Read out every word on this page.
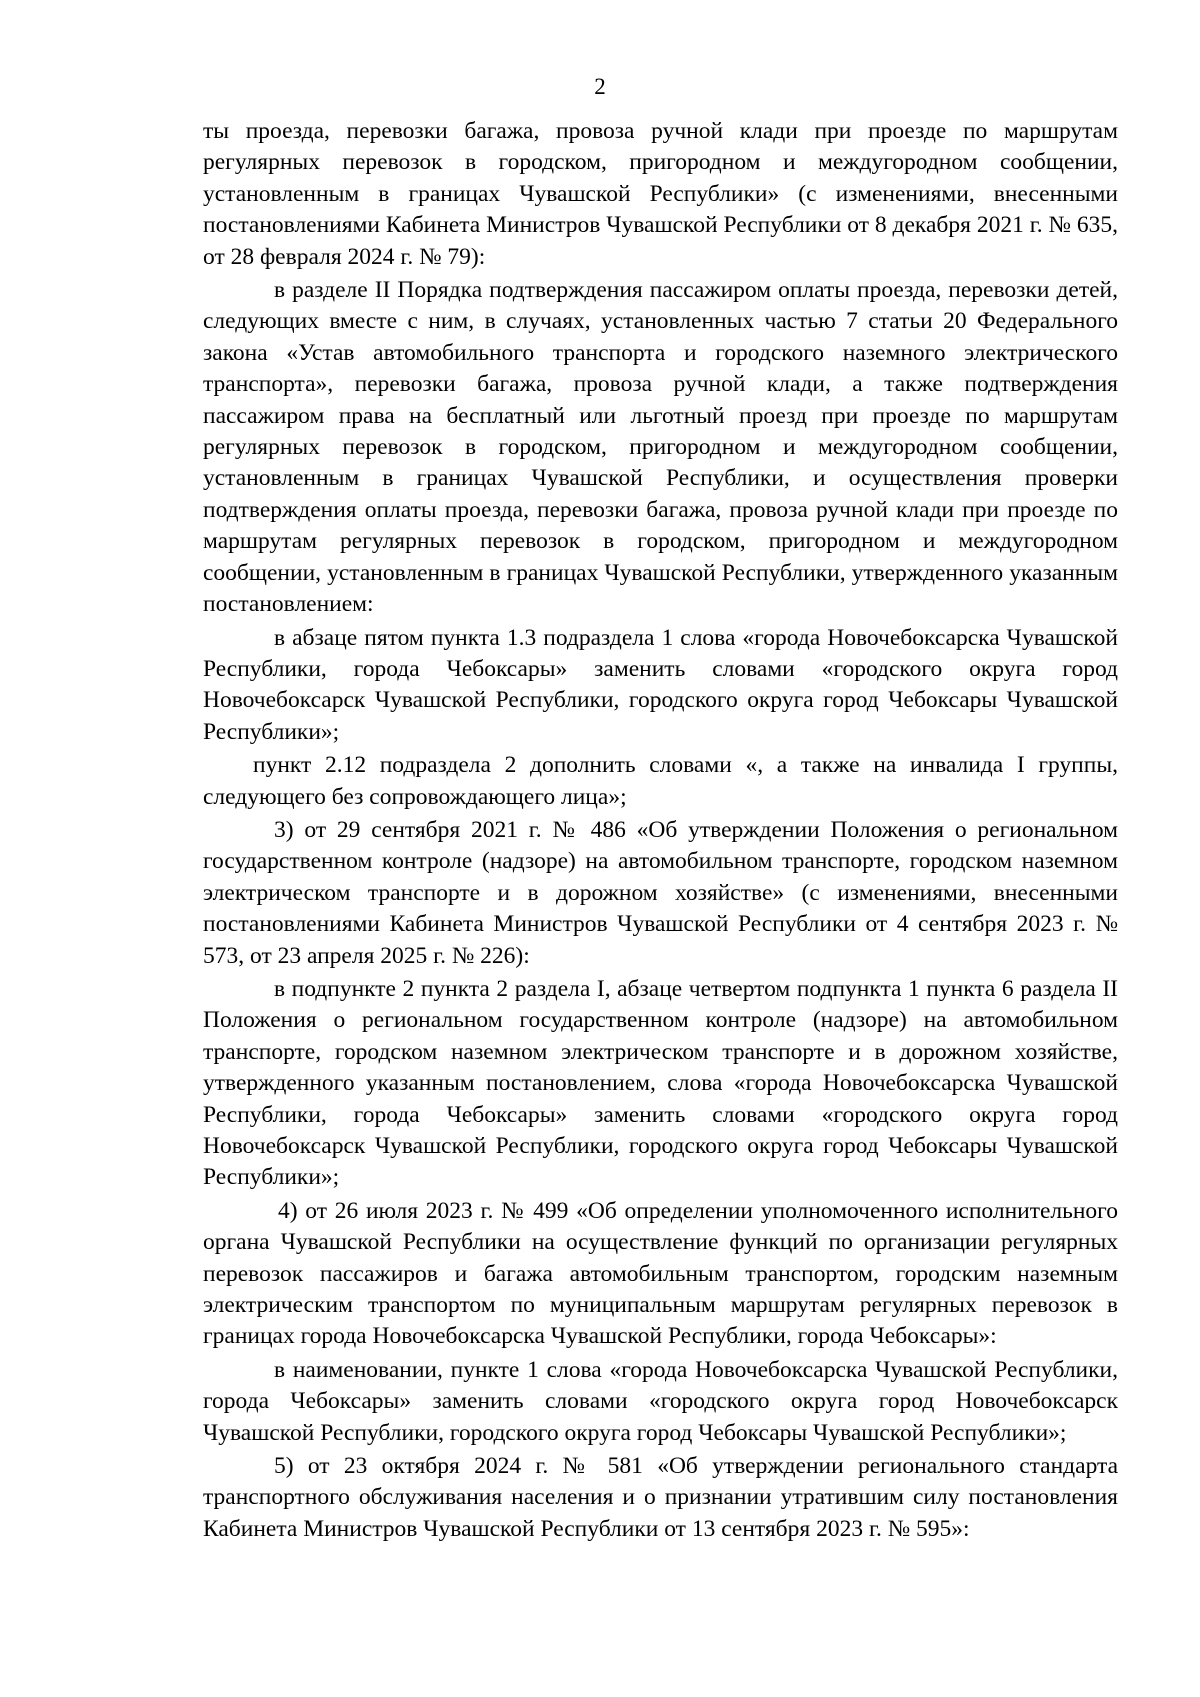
2

ты проезда, перевозки багажа, провоза ручной клади при проезде по маршрутам регулярных перевозок в городском, пригородном и междугородном сообщении, установленным в границах Чувашской Республики» (с изменениями, внесенными постановлениями Кабинета Министров Чувашской Республики от 8 декабря 2021 г. № 635, от 28 февраля 2024 г. № 79):

в разделе II Порядка подтверждения пассажиром оплаты проезда, перевозки детей, следующих вместе с ним, в случаях, установленных частью 7 статьи 20 Федерального закона «Устав автомобильного транспорта и городского наземного электрического транспорта», перевозки багажа, провоза ручной клади, а также подтверждения пассажиром права на бесплатный или льготный проезд при проезде по маршрутам регулярных перевозок в городском, пригородном и междугородном сообщении, установленным в границах Чувашской Республики, и осуществления проверки подтверждения оплаты проезда, перевозки багажа, провоза ручной клади при проезде по маршрутам регулярных перевозок в городском, пригородном и междугородном сообщении, установленным в границах Чувашской Республики, утвержденного указанным постановлением:

в абзаце пятом пункта 1.3 подраздела 1 слова «города Новочебоксарска Чувашской Республики, города Чебоксары» заменить словами «городского округа город Новочебоксарск Чувашской Республики, городского округа город Чебоксары Чувашской Республики»;

пункт 2.12 подраздела 2 дополнить словами «, а также на инвалида I группы, следующего без сопровождающего лица»;

3) от 29 сентября 2021 г. № 486 «Об утверждении Положения о региональном государственном контроле (надзоре) на автомобильном транспорте, городском наземном электрическом транспорте и в дорожном хозяйстве» (с изменениями, внесенными постановлениями Кабинета Министров Чувашской Республики от 4 сентября 2023 г. № 573, от 23 апреля 2025 г. № 226):

в подпункте 2 пункта 2 раздела I, абзаце четвертом подпункта 1 пункта 6 раздела II Положения о региональном государственном контроле (надзоре) на автомобильном транспорте, городском наземном электрическом транспорте и в дорожном хозяйстве, утвержденного указанным постановлением, слова «города Новочебоксарска Чувашской Республики, города Чебоксары» заменить словами «городского округа город Новочебоксарск Чувашской Республики, городского округа город Чебоксары Чувашской Республики»;

4) от 26 июля 2023 г. № 499 «Об определении уполномоченного исполнительного органа Чувашской Республики на осуществление функций по организации регулярных перевозок пассажиров и багажа автомобильным транспортом, городским наземным электрическим транспортом по муниципальным маршрутам регулярных перевозок в границах города Новочебоксарска Чувашской Республики, города Чебоксары»:

в наименовании, пункте 1 слова «города Новочебоксарска Чувашской Республики, города Чебоксары» заменить словами «городского округа город Новочебоксарск Чувашской Республики, городского округа город Чебоксары Чувашской Республики»;

5) от 23 октября 2024 г. № 581 «Об утверждении регионального стандарта транспортного обслуживания населения и о признании утратившим силу постановления Кабинета Министров Чувашской Республики от 13 сентября 2023 г. № 595»:
